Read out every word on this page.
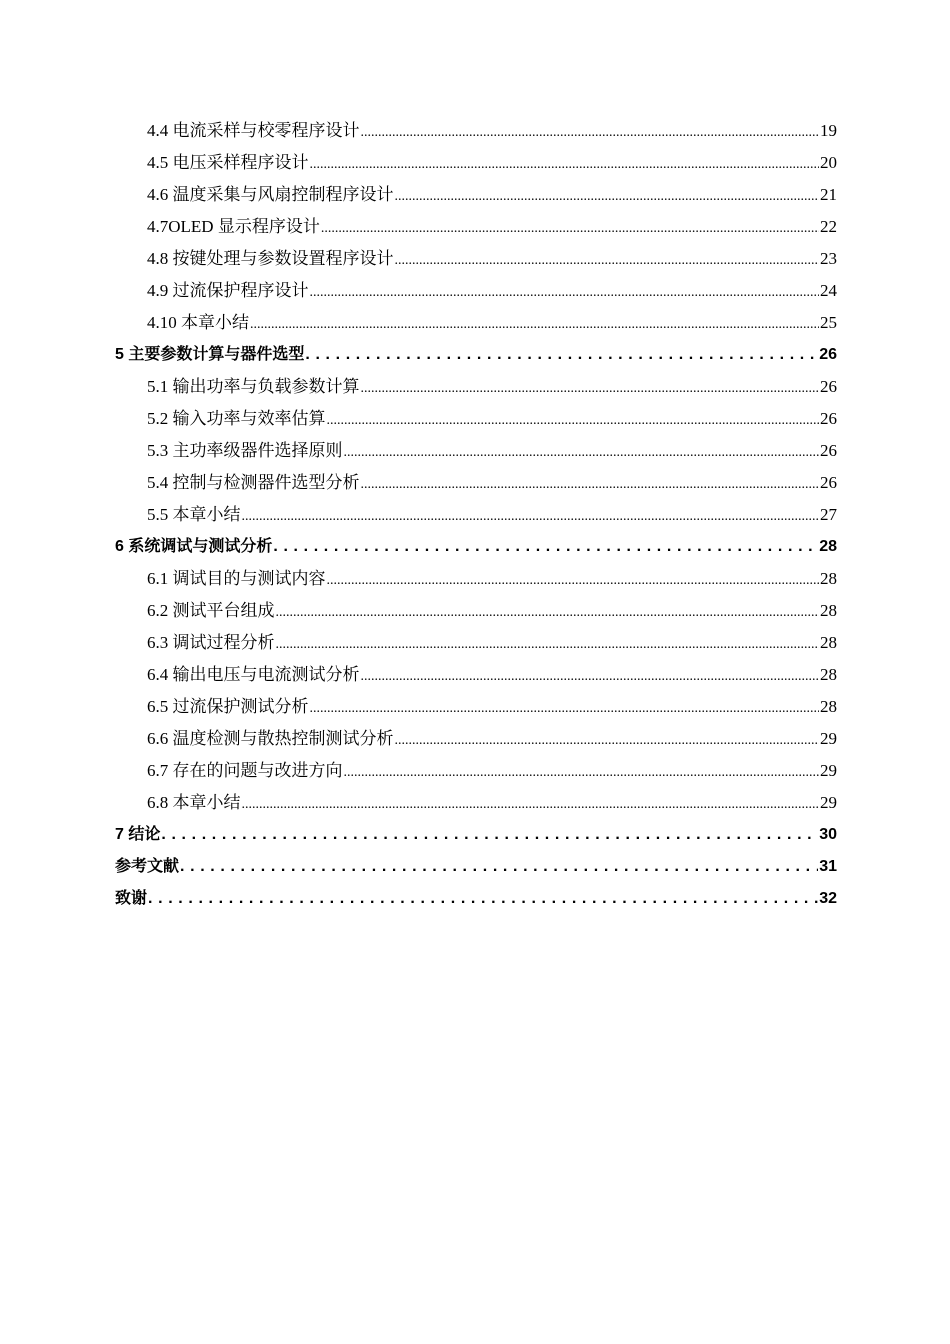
4.4 电流采样与校零程序设计 .....	19
4.5 电压采样程序设计 .....	20
4.6 温度采集与风扇控制程序设计 .....	21
4.7OLED 显示程序设计 .....	22
4.8 按键处理与参数设置程序设计 .....	23
4.9 过流保护程序设计 .....	24
4.10 本章小结 .....	25
5 主要参数计算与器件选型 . . .	26
5.1 输出功率与负载参数计算 .....	26
5.2 输入功率与效率估算 .....	26
5.3 主功率级器件选择原则 .....	26
5.4 控制与检测器件选型分析 .....	26
5.5 本章小结 .....	27
6 系统调试与测试分析 . . .	28
6.1 调试目的与测试内容 .....	28
6.2 测试平台组成 .....	28
6.3 调试过程分析 .....	28
6.4 输出电压与电流测试分析 .....	28
6.5 过流保护测试分析 .....	28
6.6 温度检测与散热控制测试分析 .....	29
6.7 存在的问题与改进方向 .....	29
6.8 本章小结 .....	29
7 结论 . . .	30
参考文献 . . .	31
致谢 . . .	32
